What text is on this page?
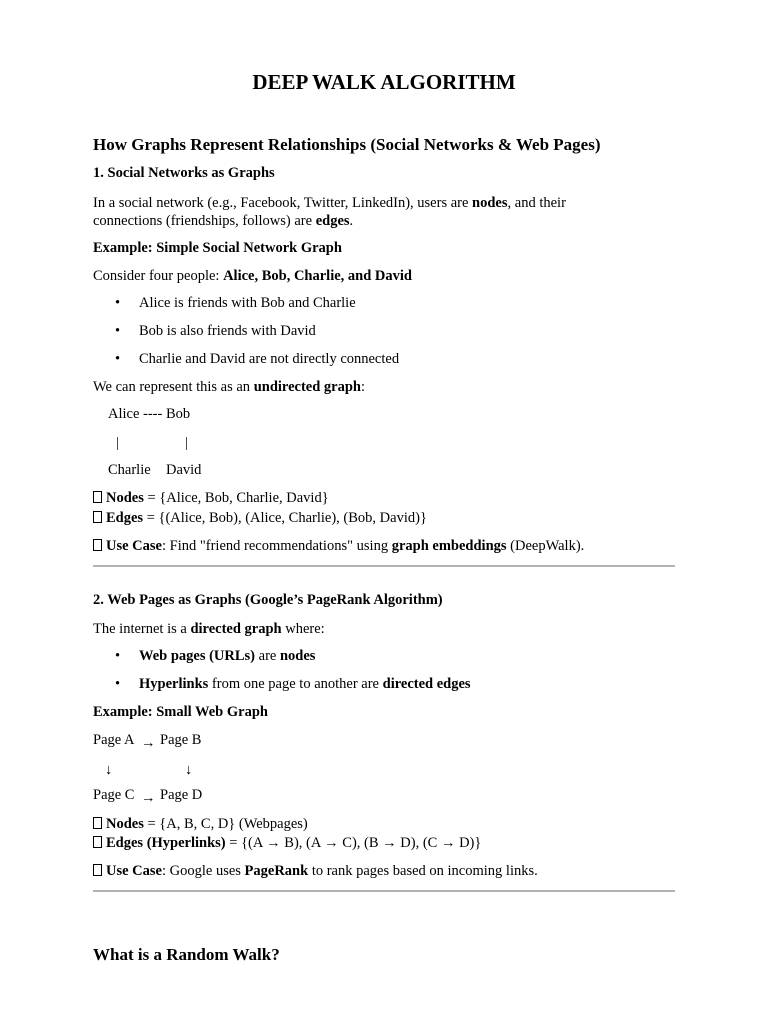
DEEP WALK ALGORITHM
How Graphs Represent Relationships (Social Networks & Web Pages)
1. Social Networks as Graphs

In a social network (e.g., Facebook, Twitter, LinkedIn), users are nodes, and their
connections (friendships, follows) are edges.

Example: Simple Social Network Graph

Consider four people: Alice, Bob, Charlie, and David

• Alice is friends with Bob and Charlie
• Bob is also friends with David
• Charlie and David are not directly connected

We can represent this as an undirected graph:

Alice ---- Bob
|	|
Charlie David

Nodes = {Alice, Bob, Charlie, David}

Edges = {(Alice, Bob), (Alice, Charlie), (Bob, David)}

Use Case: Find "friend recommendations" using graph embeddings (DeepWalk).

2. Web Pages as Graphs (Google’s PageRank Algorithm)

The internet is a directed graph where:

• Web pages (URLs) are nodes
• Hyperlinks from one page to another are directed edges
Example: Small Web Graph
Page A → Page B
↓	↓
Page C → Page D

Nodes = {A, B, C, D} (Webpages)

Edges (Hyperlinks) = {(A → B), (A → C), (B → D), (C → D)}

Use Case: Google uses PageRank to rank pages based on incoming links.

What is a Random Walk?
